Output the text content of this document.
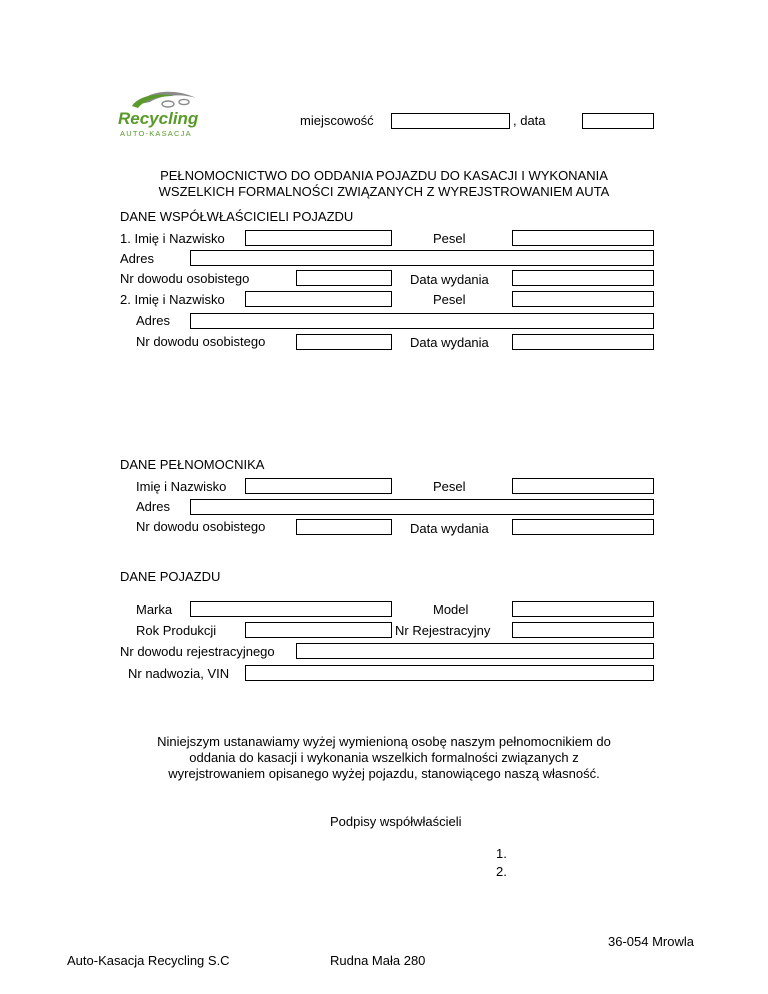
Recycling
AUTO-KASACJA
miejscowość	, data
PEŁNOMOCNICTWO DO ODDANIA POJAZDU DO KASACJI I WYKONANIA
WSZELKICH FORMALNOŚCI ZWIĄZANYCH Z WYREJSTROWANIEM AUTA
DANE WSPÓŁWŁAŚCICIELI POJAZDU
1. Imię i Nazwisko	Pesel
Adres
Nr dowodu osobistego	Data wydania
2. Imię i Nazwisko	Pesel
Adres
Nr dowodu osobistego	Data wydania
DANE PEŁNOMOCNIKA
Imię i Nazwisko	Pesel
Adres
Nr dowodu osobistego	Data wydania
DANE POJAZDU
Marka	Model
Rok Produkcji	Nr Rejestracyjny
Nr dowodu rejestracyjnego
Nr nadwozia, VIN
Niniejszym ustanawiamy wyżej wymienioną osobę naszym pełnomocnikiem do
oddania do kasacji i wykonania wszelkich formalności związanych z
wyrejstrowaniem opisanego wyżej pojazdu, stanowiącego naszą własność.
Podpisy współwłaścieli
1.
2.
36-054 Mrowla
Auto-Kasacja Recycling S.C	Rudna Mała 280
